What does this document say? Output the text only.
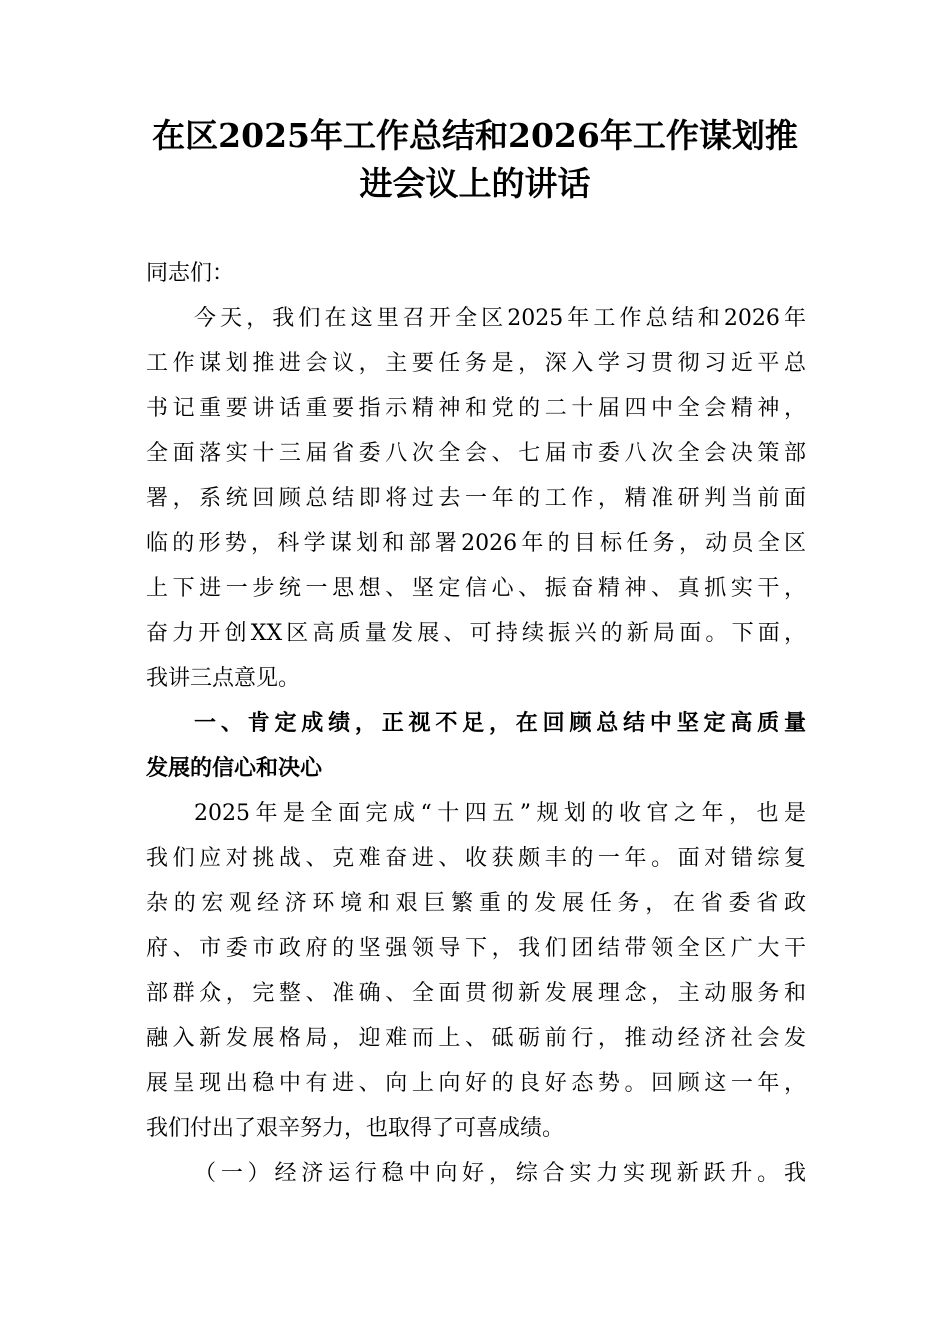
在区2025年工作总结和2026年工作谋划推
进会议上的讲话
同志们：
今天，我们在这里召开全区2025年工作总结和2026年
工作谋划推进会议，主要任务是，深入学习贯彻习近平总
书记重要讲话重要指示精神和党的二十届四中全会精神，
全面落实十三届省委八次全会、七届市委八次全会决策部
署，系统回顾总结即将过去一年的工作，精准研判当前面
临的形势，科学谋划和部署2026年的目标任务，动员全区
上下进一步统一思想、坚定信心、振奋精神、真抓实干，
奋力开创XX区高质量发展、可持续振兴的新局面。下面，
我讲三点意见。
一、肯定成绩，正视不足，在回顾总结中坚定高质量
发展的信心和决心
2025年是全面完成“十四五”规划的收官之年，也是
我们应对挑战、克难奋进、收获颇丰的一年。面对错综复
杂的宏观经济环境和艰巨繁重的发展任务，在省委省政
府、市委市政府的坚强领导下，我们团结带领全区广大干
部群众，完整、准确、全面贯彻新发展理念，主动服务和
融入新发展格局，迎难而上、砥砺前行，推动经济社会发
展呈现出稳中有进、向上向好的良好态势。回顾这一年，
我们付出了艰辛努力，也取得了可喜成绩。
（一）经济运行稳中向好，综合实力实现新跃升。我
